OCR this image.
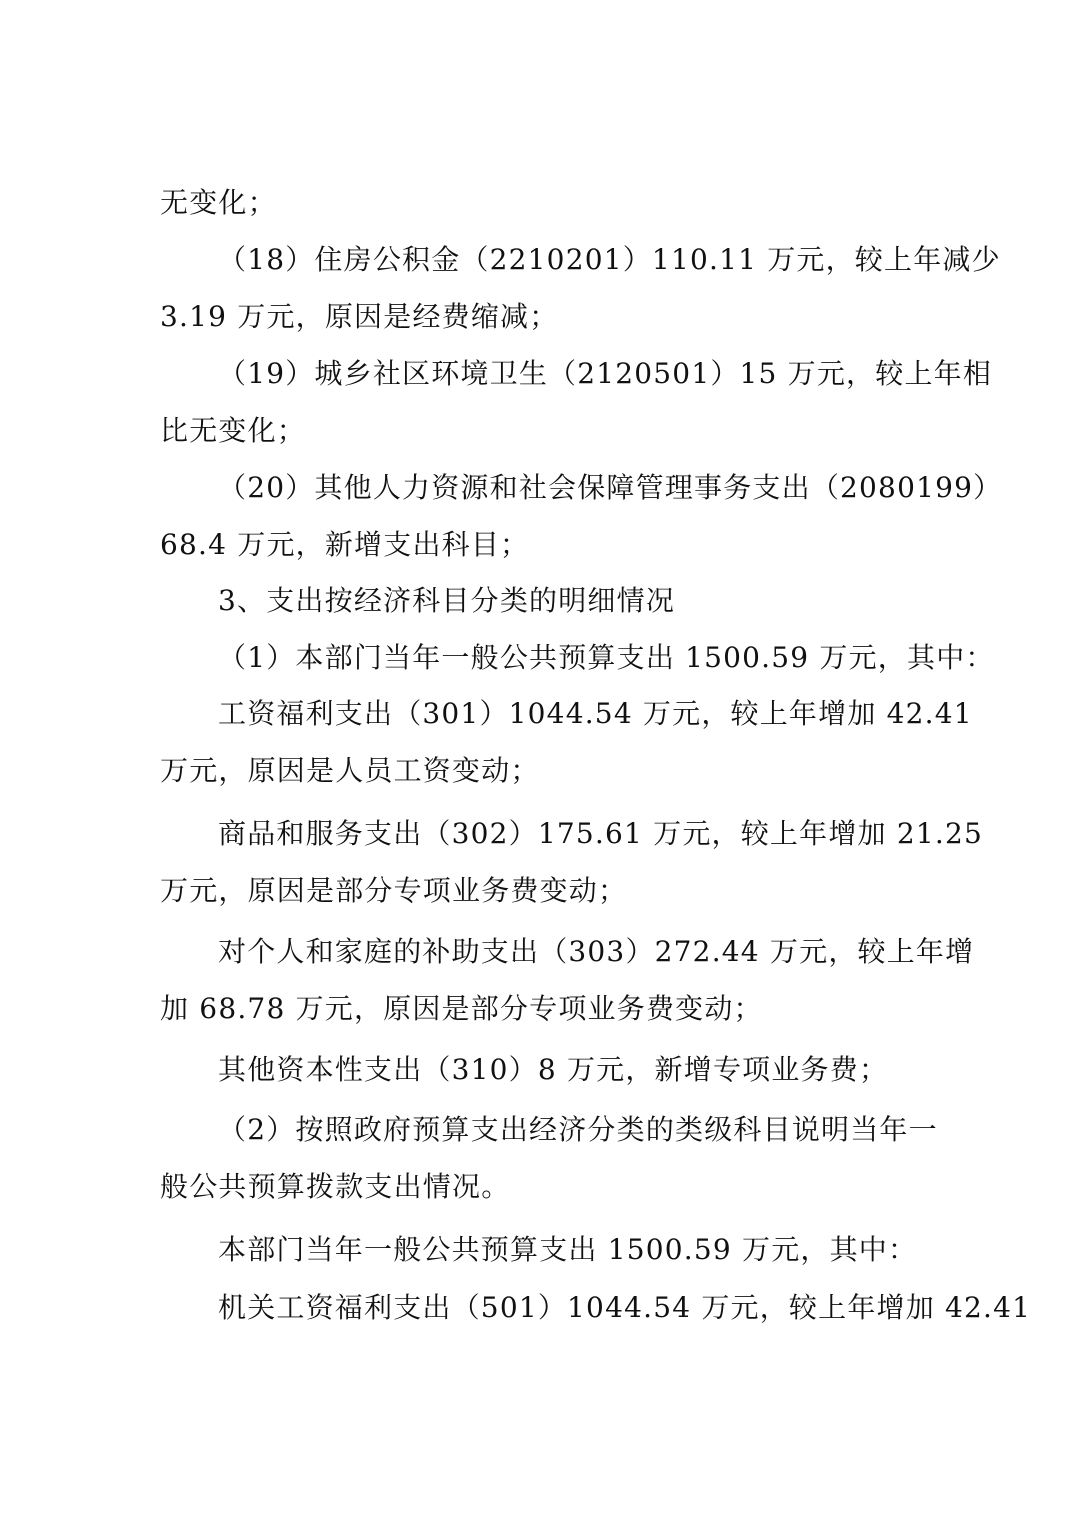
无变化；
（18）住房公积金（2210201）110.11 万元，较上年减少
3.19 万元，原因是经费缩减；
（19）城乡社区环境卫生（2120501）15 万元，较上年相
比无变化；
（20）其他人力资源和社会保障管理事务支出（2080199）
68.4 万元，新增支出科目；
3、支出按经济科目分类的明细情况
（1）本部门当年一般公共预算支出 1500.59 万元，其中：
工资福利支出（301）1044.54 万元，较上年增加 42.41
万元，原因是人员工资变动；
商品和服务支出（302）175.61 万元，较上年增加 21.25
万元，原因是部分专项业务费变动；
对个人和家庭的补助支出（303）272.44 万元，较上年增
加 68.78 万元，原因是部分专项业务费变动；
其他资本性支出（310）8 万元，新增专项业务费；
（2）按照政府预算支出经济分类的类级科目说明当年一
般公共预算拨款支出情况。
本部门当年一般公共预算支出 1500.59 万元，其中：
机关工资福利支出（501）1044.54 万元，较上年增加 42.41
